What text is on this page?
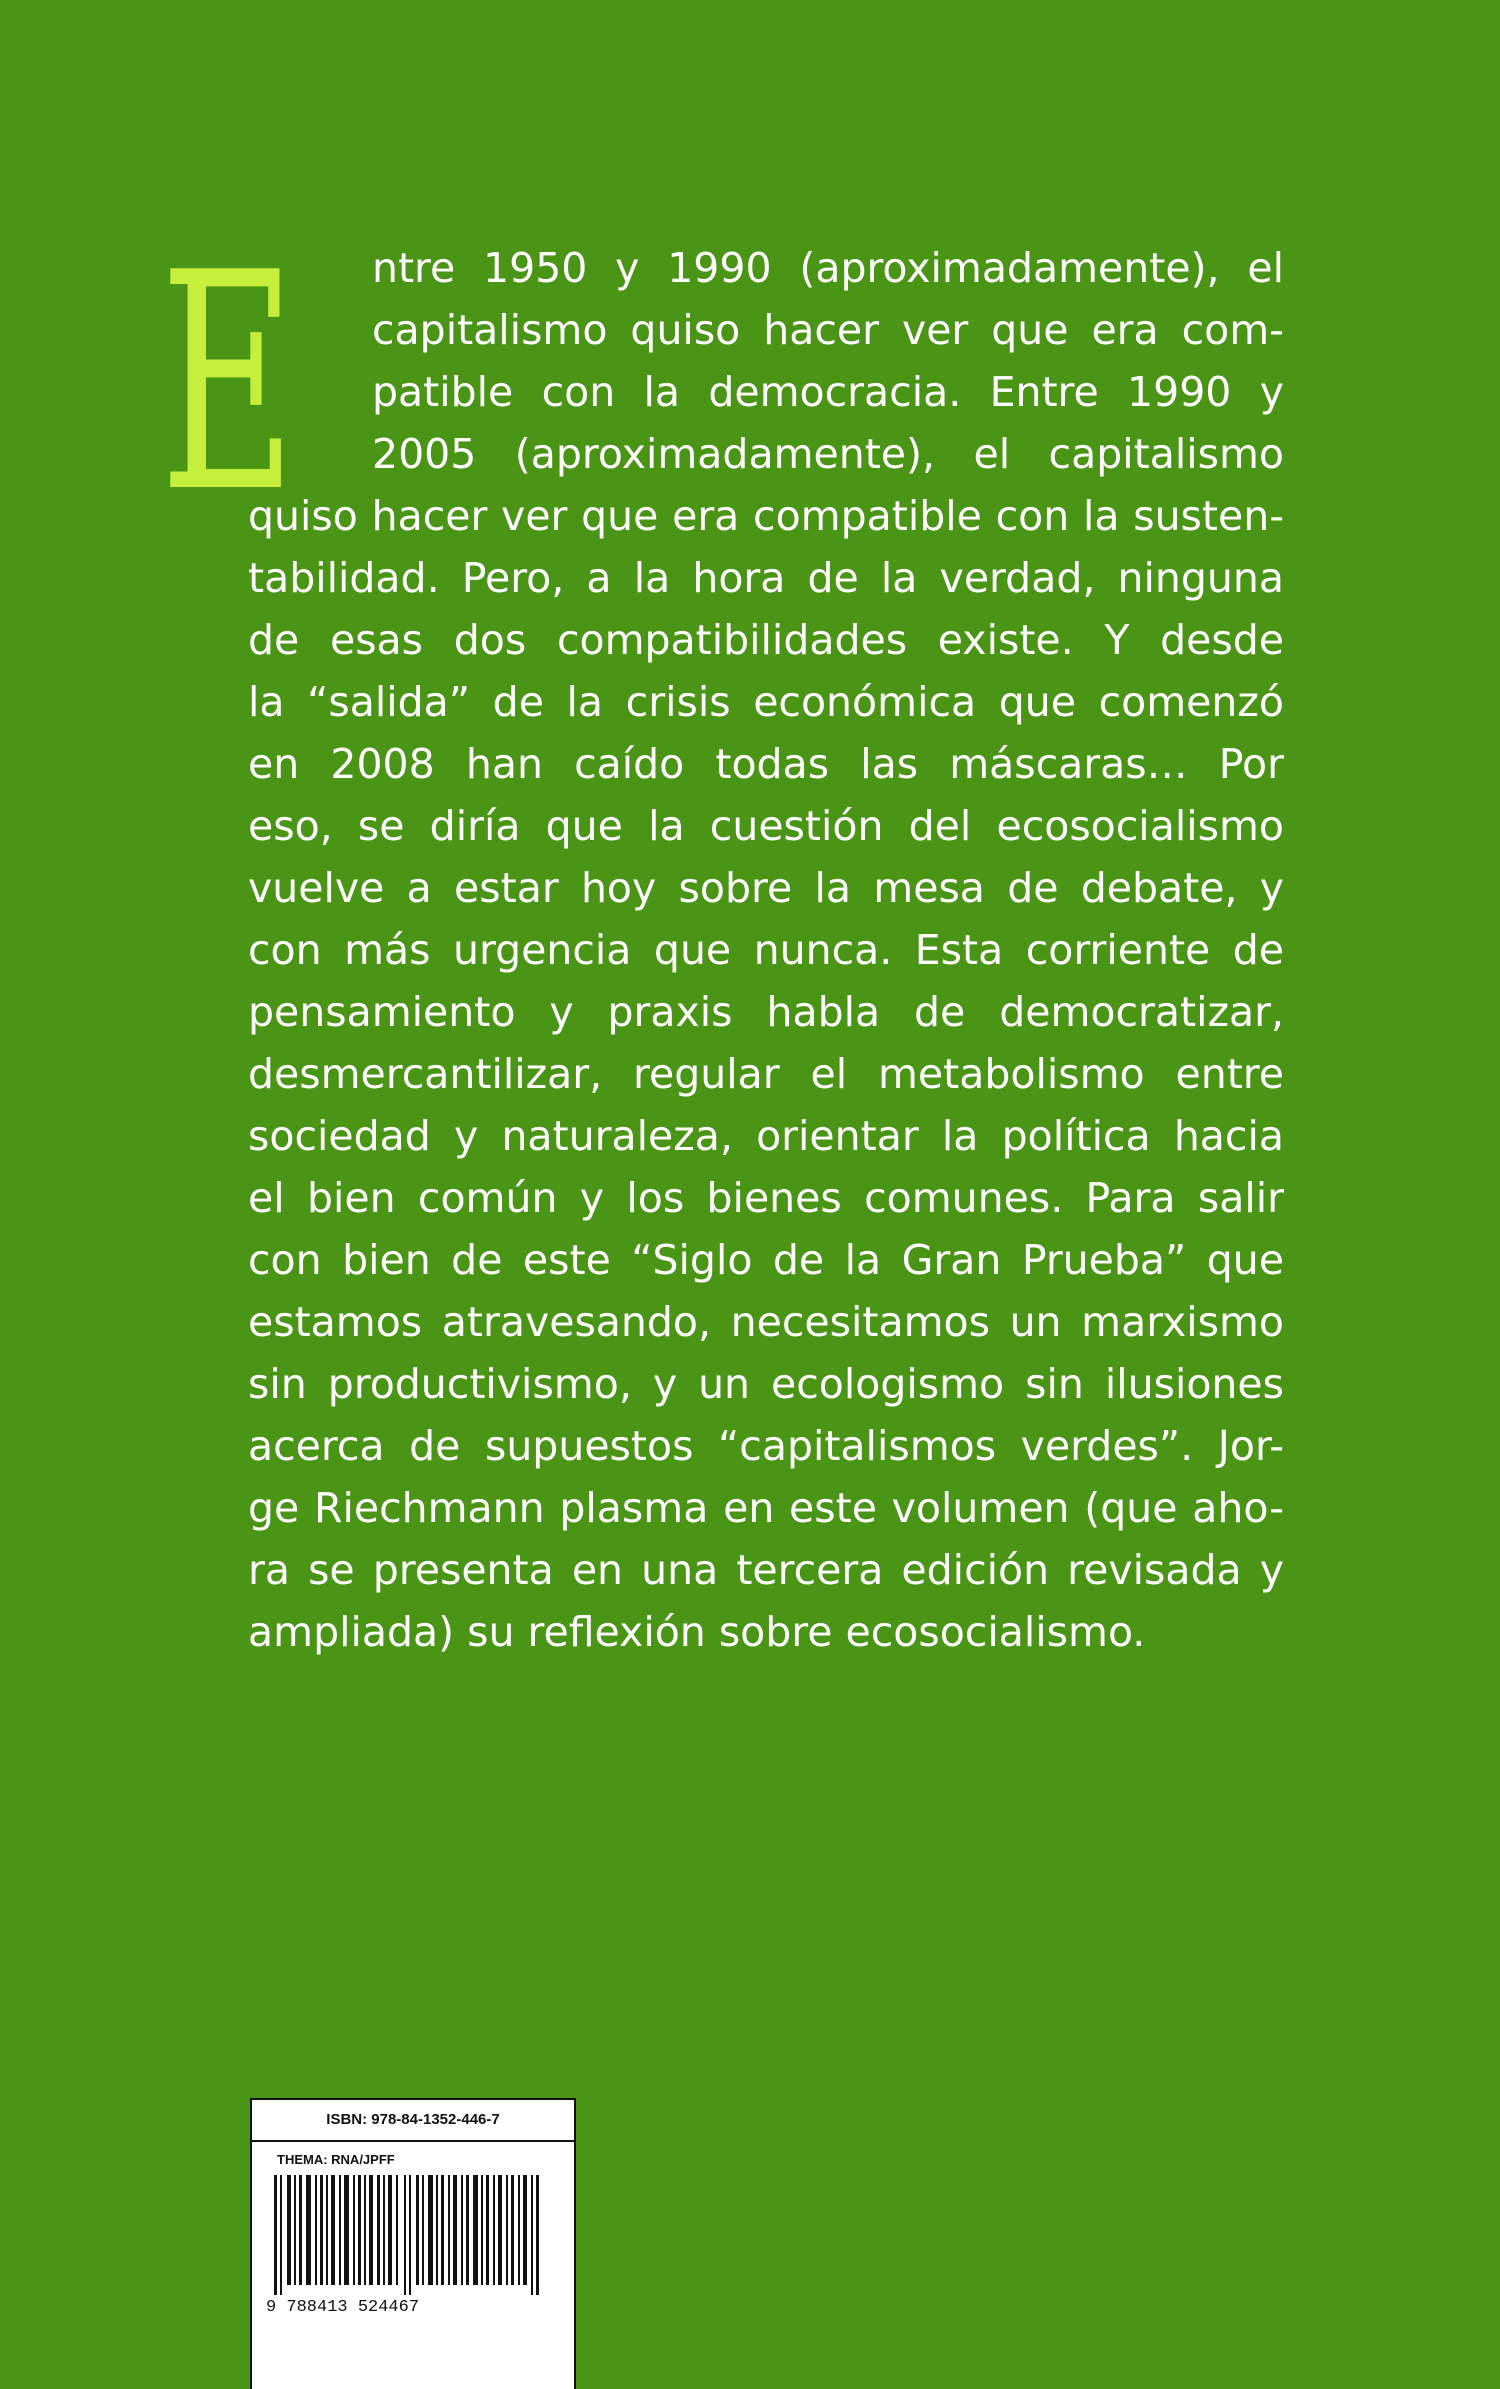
E ntre 1950 y 1990 (aproximadamente), el
capitalismo quiso hacer ver que era com-
patible con la democracia. Entre 1990 y
2005 (aproximadamente), el capitalismo
quiso hacer ver que era compatible con la susten-
tabilidad. Pero, a la hora de la verdad, ninguna
de esas dos compatibilidades existe. Y desde
la “salida” de la crisis económica que comenzó
en 2008 han caído todas las máscaras… Por
eso, se diría que la cuestión del ecosocialismo
vuelve a estar hoy sobre la mesa de debate, y
con más urgencia que nunca. Esta corriente de
pensamiento y praxis habla de democratizar,
desmercantilizar, regular el metabolismo entre
sociedad y naturaleza, orientar la política hacia
el bien común y los bienes comunes. Para salir
con bien de este “Siglo de la Gran Prueba” que
estamos atravesando, necesitamos un marxismo
sin productivismo, y un ecologismo sin ilusiones
acerca de supuestos “capitalismos verdes”. Jor-
ge Riechmann plasma en este volumen (que aho-
ra se presenta en una tercera edición revisada y
ampliada) su reflexión sobre ecosocialismo.
ISBN: 978-84-1352-446-7
THEMA: RNA/JPFF
9 788413 524467
